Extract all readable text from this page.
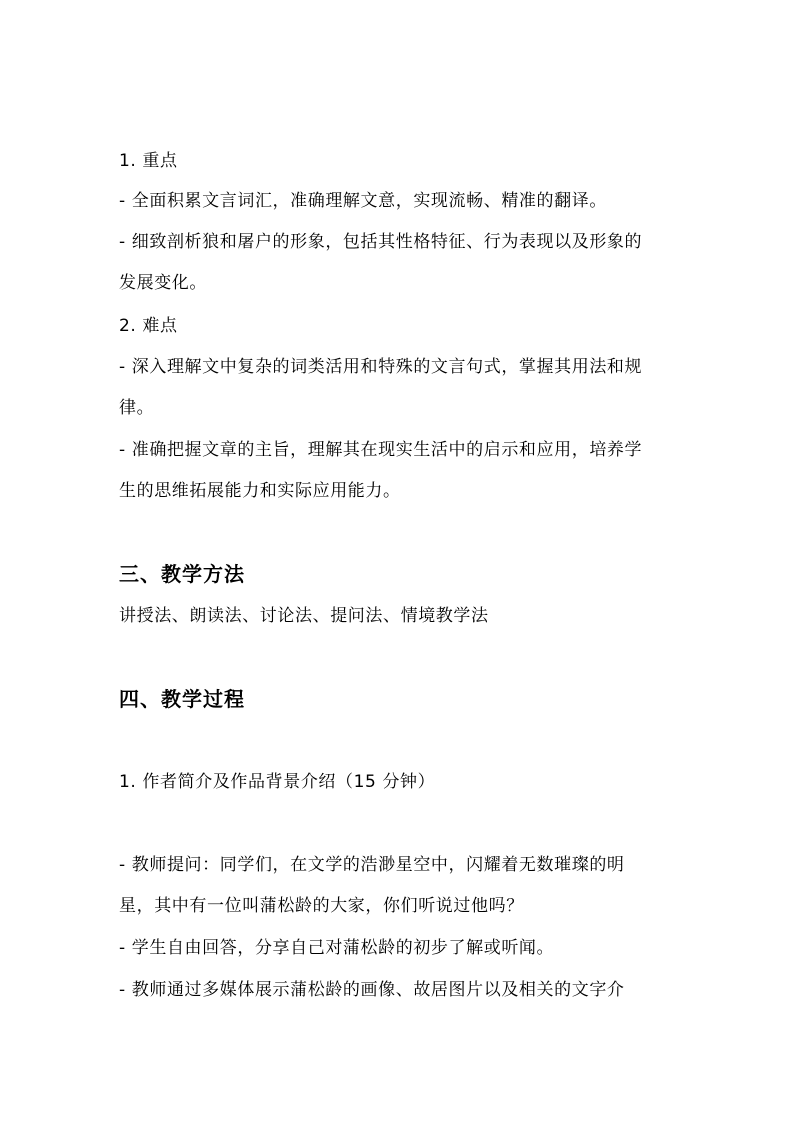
1. 重点
- 全面积累文言词汇，准确理解文意，实现流畅、精准的翻译。
- 细致剖析狼和屠户的形象，包括其性格特征、行为表现以及形象的
发展变化。
2. 难点
- 深入理解文中复杂的词类活用和特殊的文言句式，掌握其用法和规
律。
- 准确把握文章的主旨，理解其在现实生活中的启示和应用，培养学
生的思维拓展能力和实际应用能力。
三、教学方法
讲授法、朗读法、讨论法、提问法、情境教学法
四、教学过程
1. 作者简介及作品背景介绍（15 分钟）
- 教师提问：同学们，在文学的浩渺星空中，闪耀着无数璀璨的明
星，其中有一位叫蒲松龄的大家，你们听说过他吗？
- 学生自由回答，分享自己对蒲松龄的初步了解或听闻。
- 教师通过多媒体展示蒲松龄的画像、故居图片以及相关的文字介
